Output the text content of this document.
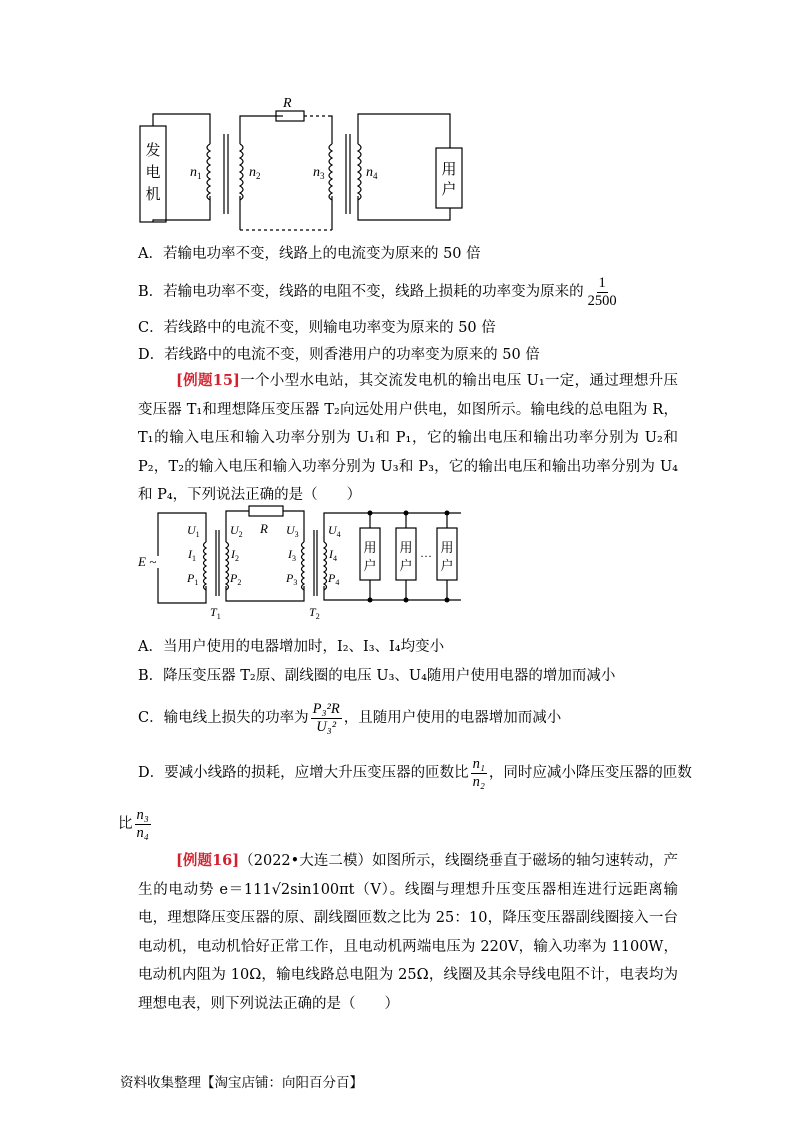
发
电
机
用
户
R
$n_1$	$n_2$	$n_3$	$n_4$
A．若输电功率不变，线路上的电流变为原来的 50 倍
B．若输电功率不变，线路的电阻不变，线路上损耗的功率变为原来的 $\frac{1}{2500}$
C．若线路中的电流不变，则输电功率变为原来的 50 倍
D．若线路中的电流不变，则香港用户的功率变为原来的 50 倍
[例题15]一个小型水电站，其交流发电机的输出电压 U₁一定，通过理想升压变压器 T₁和理想降压变压器 T₂向远处用户供电，如图所示。输电线的总电阻为 R，T₁的输入电压和输入功率分别为 U₁和 P₁，它的输出电压和输出功率分别为 U₂和 P₂，T₂的输入电压和输入功率分别为 U₃和 P₃，它的输出电压和输出功率分别为 U₄和 P₄，下列说法正确的是（　　）
用
户
用
户
用
户
···
E ~
R
$U_1$
$I_1$
$P_1$
$U_2$
$I_2$
$P_2$
$U_3$
$I_3$
$P_3$
$U_4$
$I_4$
$P_4$
$T_1$	$T_2$
A．当用户使用的电器增加时，I₂、I₃、I₄均变小
B．降压变压器 T₂原、副线圈的电压 U₃、U₄随用户使用电器的增加而减小
C．输电线上损失的功率为 $\frac{\text{P₃²R}}{\text{U₃²}}$ ，且随用户使用的电器增加而减小
D．要减小线路的损耗，应增大升压变压器的匝数比 $\frac{\text{n₁}}{\text{n₂}}$ ，同时应减小降压变压器的匝数
比 $\frac{\text{n₃}}{\text{n₄}}$
[例题16]（2022•大连二模）如图所示，线圈绕垂直于磁场的轴匀速转动，产生的电动势 e＝111√2sin100πt（V）。线圈与理想升压变压器相连进行远距离输电，理想降压变压器的原、副线圈匝数之比为 25：10，降压变压器副线圈接入一台电动机，电动机恰好正常工作，且电动机两端电压为 220V，输入功率为 1100W，电动机内阻为 10Ω，输电线路总电阻为 25Ω，线圈及其余导线电阻不计，电表均为理想电表，则下列说法正确的是（　　）
资料收集整理【淘宝店铺：向阳百分百】
